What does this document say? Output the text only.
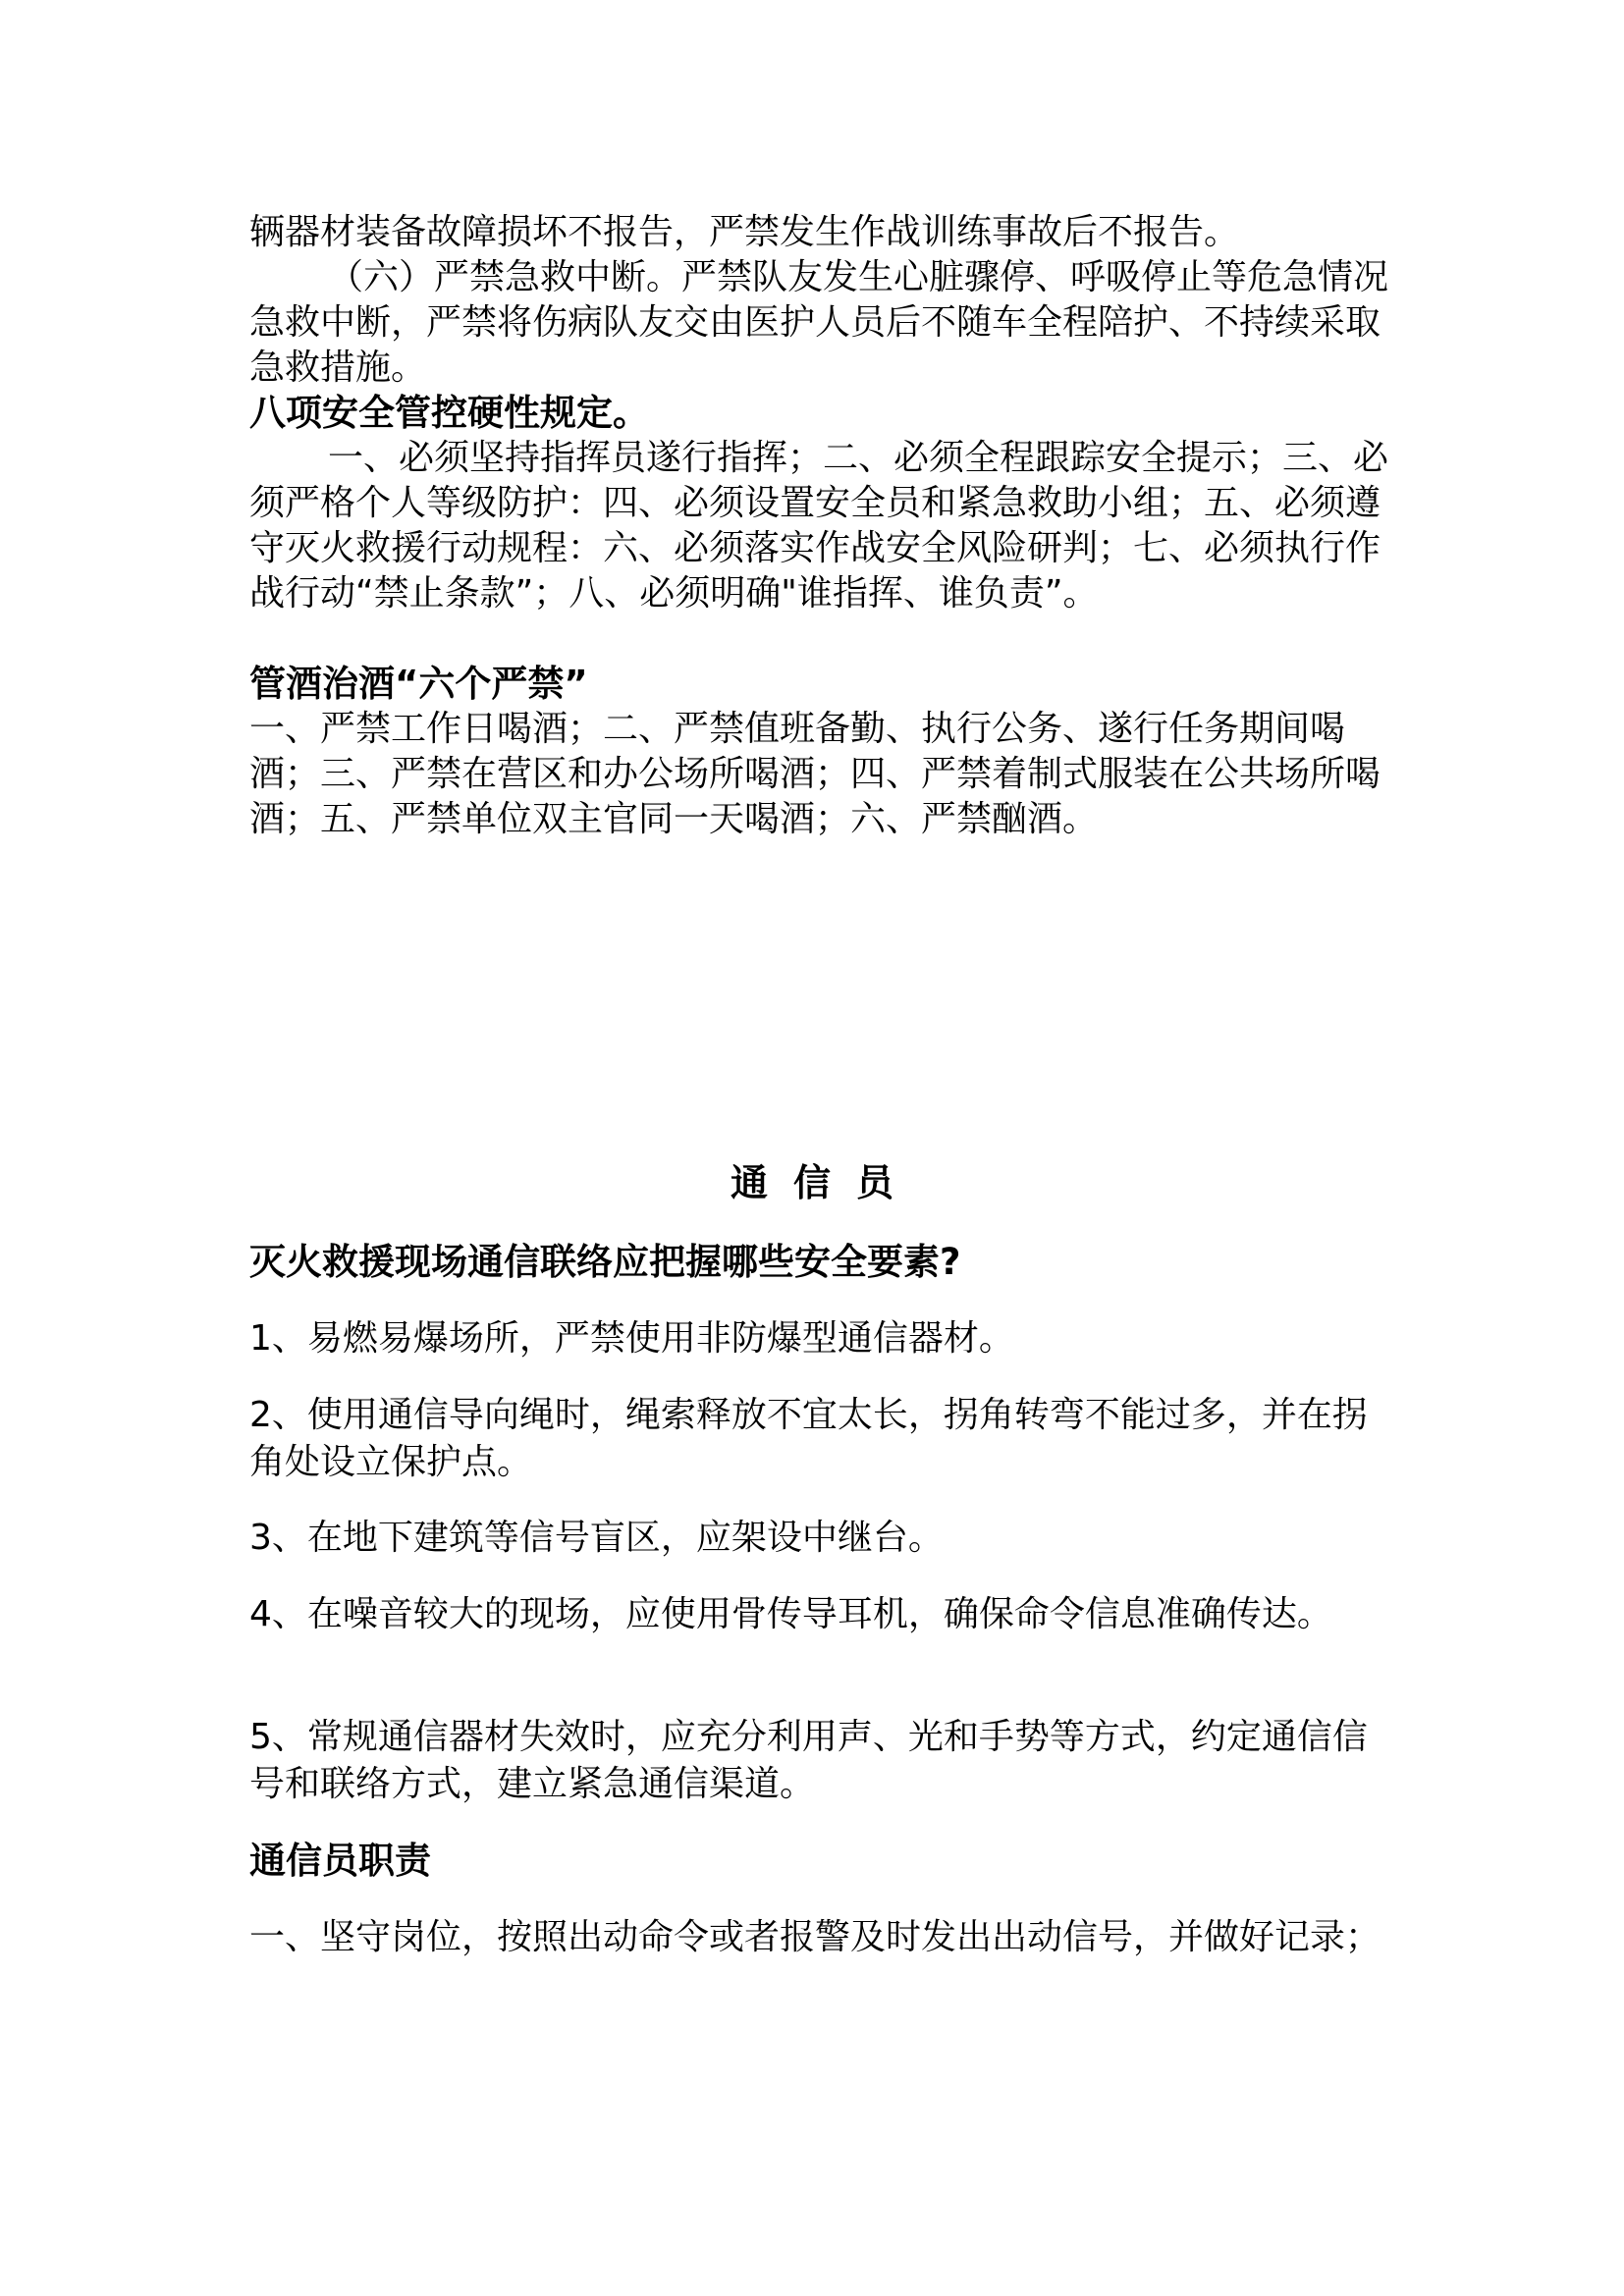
辆器材装备故障损坏不报告，严禁发生作战训练事故后不报告。

（六）严禁急救中断。严禁队友发生心脏骤停、呼吸停止等危急情况急救中断，严禁将伤病队友交由医护人员后不随车全程陪护、不持续采取急救措施。

八项安全管控硬性规定。

一、必须坚持指挥员遂行指挥；二、必须全程跟踪安全提示；三、必须严格个人等级防护：四、必须设置安全员和紧急救助小组；五、必须遵守灭火救援行动规程：六、必须落实作战安全风险研判；七、必须执行作战行动“禁止条款”；八、必须明确"谁指挥、谁负责”。

管酒治酒“六个严禁”

一、严禁工作日喝酒；二、严禁值班备勤、执行公务、遂行任务期间喝酒；三、严禁在营区和办公场所喝酒；四、严禁着制式服装在公共场所喝酒；五、严禁单位双主官同一天喝酒；六、严禁酗酒。

通信员

灭火救援现场通信联络应把握哪些安全要素?

1、易燃易爆场所，严禁使用非防爆型通信器材。

2、使用通信导向绳时，绳索释放不宜太长，拐角转弯不能过多，并在拐角处设立保护点。

3、在地下建筑等信号盲区，应架设中继台。

4、在噪音较大的现场，应使用骨传导耳机，确保命令信息准确传达。

5、常规通信器材失效时，应充分利用声、光和手势等方式，约定通信信号和联络方式，建立紧急通信渠道。

通信员职责

一、坚守岗位，按照出动命令或者报警及时发出出动信号，并做好记录；
